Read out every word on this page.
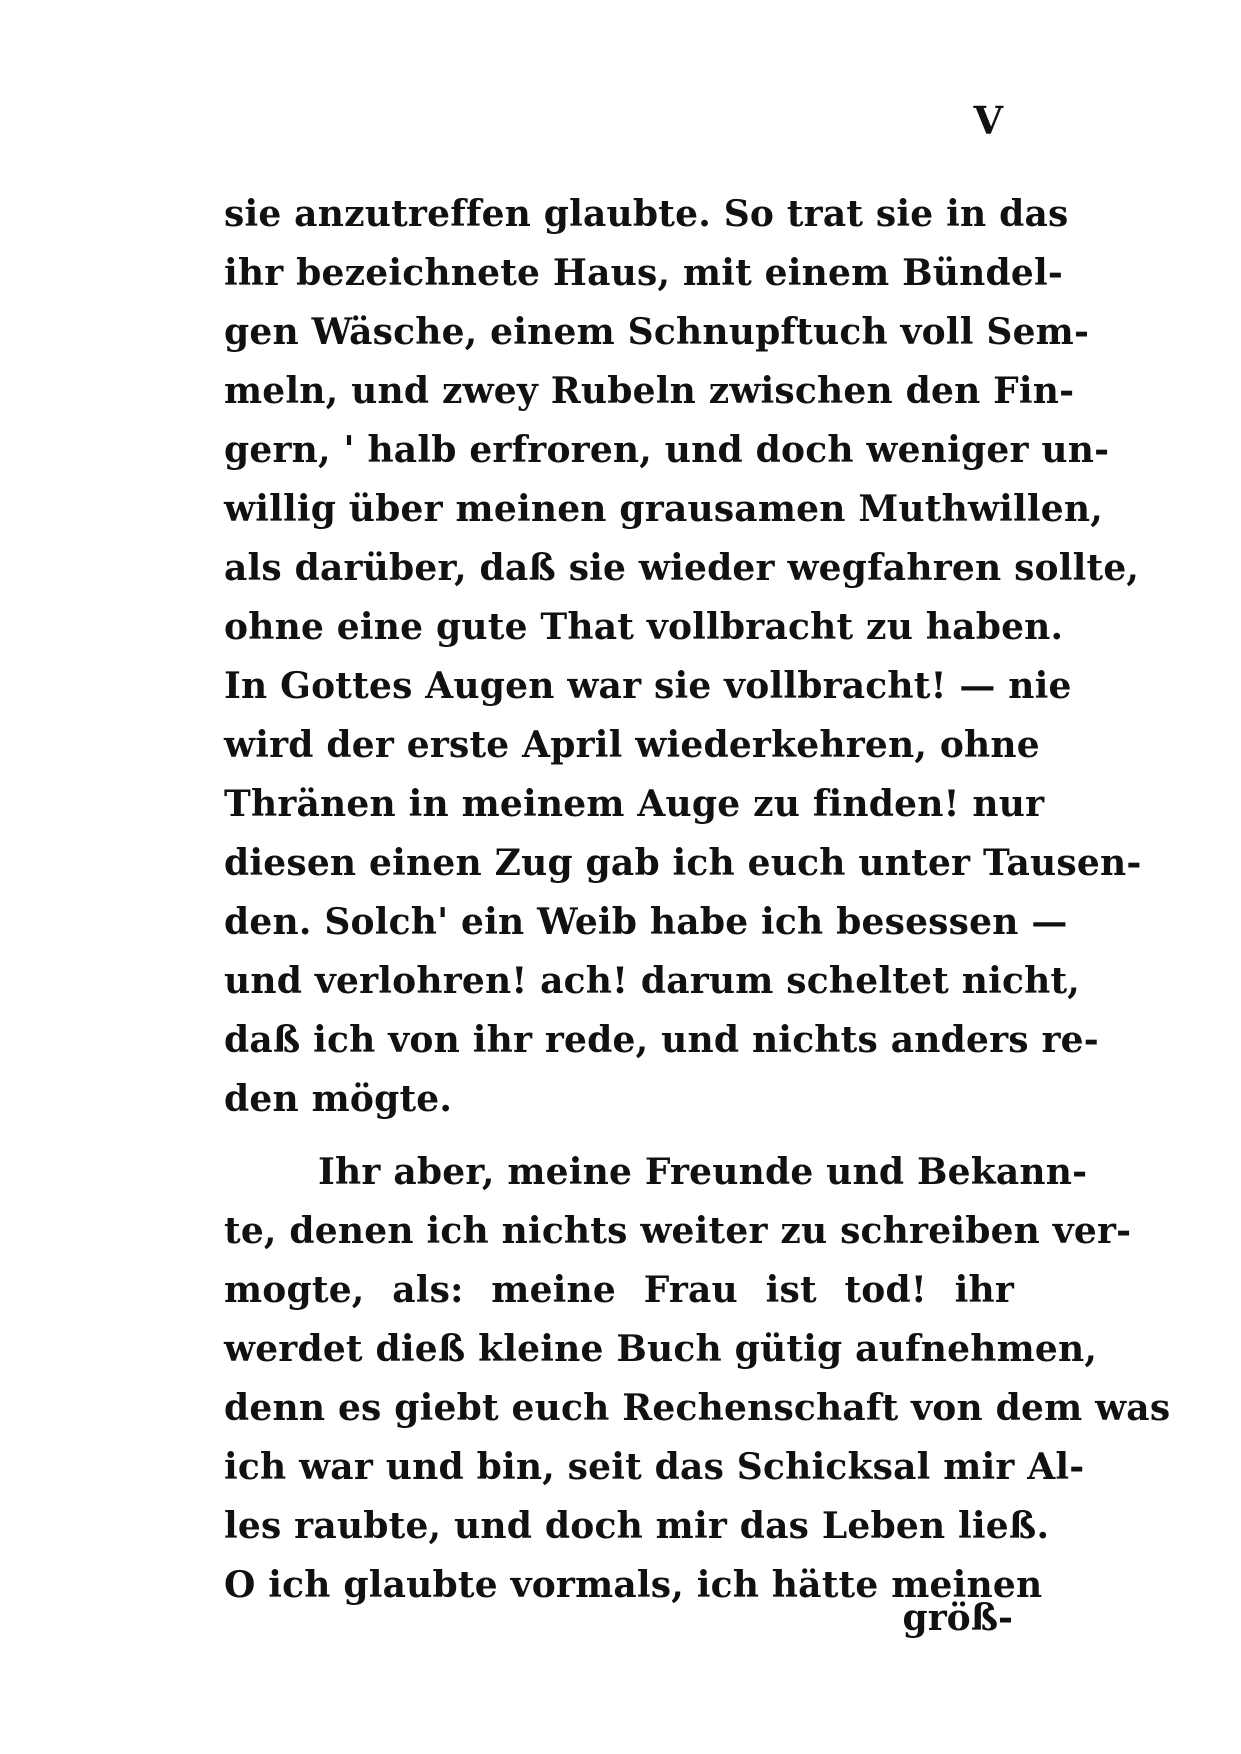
V
sie anzutreffen glaubte. So trat sie in das
ihr bezeichnete Haus, mit einem Bündel-
gen Wäsche, einem Schnupftuch voll Sem-
meln, und zwey Rubeln zwischen den Fin-
gern, ' halb erfroren, und doch weniger un-
willig über meinen grausamen Muthwillen,
als darüber, daß sie wieder wegfahren sollte,
ohne eine gute That vollbracht zu haben.
In Gottes Augen war sie vollbracht! — nie
wird der erste April wiederkehren, ohne
Thränen in meinem Auge zu finden! nur
diesen einen Zug gab ich euch unter Tausen-
den. Solch' ein Weib habe ich besessen —
und verlohren! ach! darum scheltet nicht,
daß ich von ihr rede, und nichts anders re-
den mögte.
Ihr aber, meine Freunde und Bekann-
te, denen ich nichts weiter zu schreiben ver-
mogte, als: meine Frau ist tod! ihr
werdet dieß kleine Buch gütig aufnehmen,
denn es giebt euch Rechenschaft von dem was
ich war und bin, seit das Schicksal mir Al-
les raubte, und doch mir das Leben ließ.
O ich glaubte vormals, ich hätte meinen
größ-
